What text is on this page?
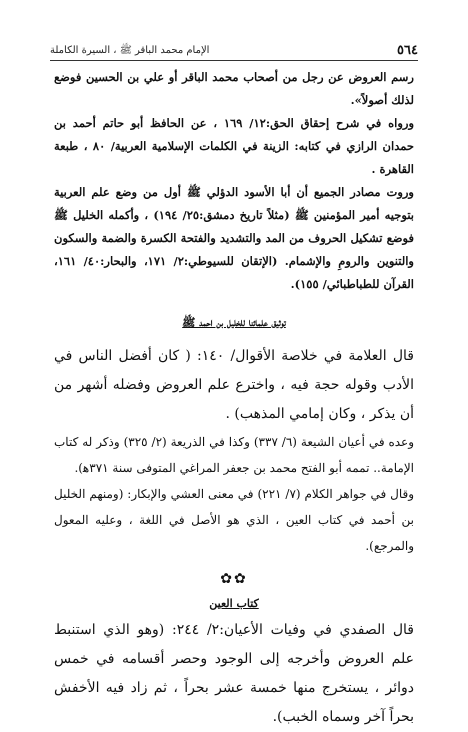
٥٦٤
الإمام محمد الباقر ﷺ ، السيرة الكاملة

رسم العروض عن رجل من أصحاب محمد الباقر أو علي بن الحسين فوضع لذلك أصولاً».

ورواه في شرح إحقاق الحق:١٢/ ١٦٩ ، عن الحافظ أبو حاتم أحمد بن حمدان الرازي في كتابه: الزينة في الكلمات الإسلامية العربية/ ٨٠ ، طبعة القاهرة .

وروت مصادر الجميع أن أبا الأسود الدؤلي ﷺ أول من وضع علم العربية بتوجيه أمير المؤمنين ﷺ (مثلاً تاريخ دمشق:٢٥/ ١٩٤) ، وأكمله الخليل ﷺ فوضع تشكيل الحروف من المد والتشديد والفتحة الكسرة والضمة والسكون والتنوين والرومِ والإشمام. (الإتقان للسيوطي:٢/ ١٧١، والبحار:٤٠/ ١٦١، القرآن للطباطبائي/ ١٥٥).

توثيق علمائنا للخليل بن احمد ﷺ

قال العلامة في خلاصة الأقوال/ ١٤٠: ( كان أفضل الناس في الأدب وقوله حجة فيه ، واخترع علم العروض وفضله أشهر من أن يذكر ، وكان إمامي المذهب) .

وعده في أعيان الشيعة (٦/ ٣٣٧) وكذا في الذريعة (٢/ ٣٢٥) وذكر له كتاب الإمامة.. تممه أبو الفتح محمد بن جعفر المراغي المتوفى سنة ٣٧١ه‍).

وقال في جواهر الكلام (٧/ ٢٢١) في معنى العشي والإبكار: (ومنهم الخليل بن أحمد في كتاب العين ، الذي هو الأصل في اللغة ، وعليه المعول والمرجع).

✿✿
كتاب العين

قال الصفدي في وفيات الأعيان:٢/ ٢٤٤: (وهو الذي استنبط علم العروض وأخرجه إلى الوجود وحصر أقسامه في خمس دوائر ، يستخرج منها خمسة عشر بحراً ، ثم زاد فيه الأخفش بحراً آخر وسماه الخبب).
